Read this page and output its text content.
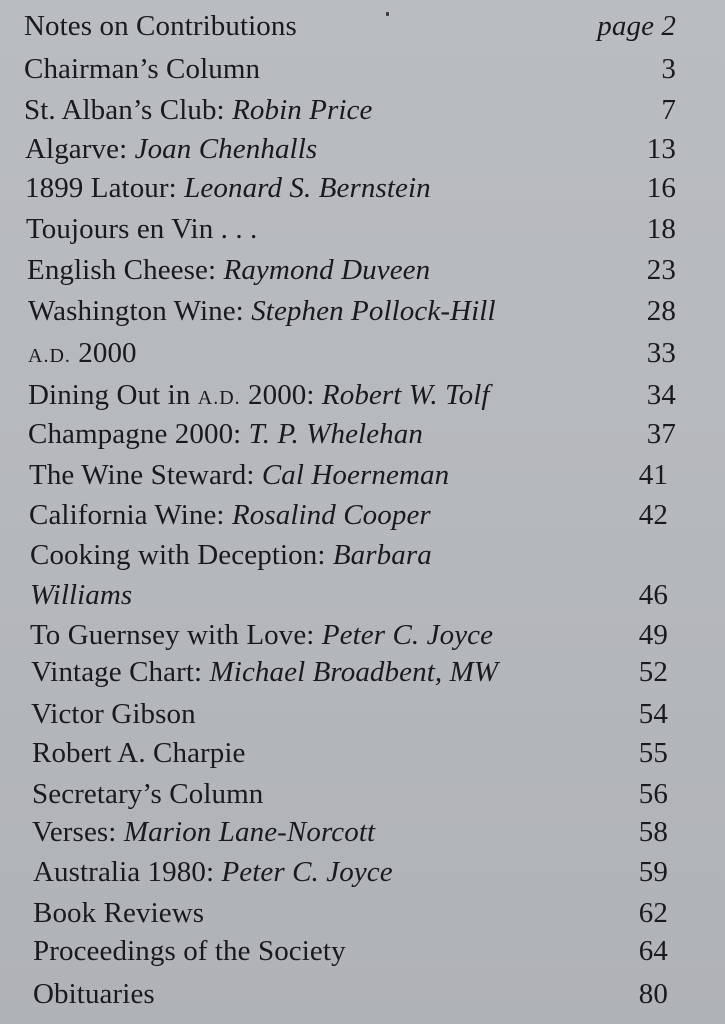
Notes on Contributions	page 2
Chairman’s Column	3
St. Alban’s Club: Robin Price	7
Algarve: Joan Chenhalls	13
1899 Latour: Leonard S. Bernstein	16
Toujours en Vin . . .	18
English Cheese: Raymond Duveen	23
Washington Wine: Stephen Pollock-Hill	28
A.D. 2000	33
Dining Out in A.D. 2000: Robert W. Tolf	34
Champagne 2000: T. P. Whelehan	37
The Wine Steward: Cal Hoerneman	41
California Wine: Rosalind Cooper	42
Cooking with Deception: Barbara
Williams	46
To Guernsey with Love: Peter C. Joyce	49
Vintage Chart: Michael Broadbent, MW	52
Victor Gibson	54
Robert A. Charpie	55
Secretary’s Column	56
Verses: Marion Lane-Norcott	58
Australia 1980: Peter C. Joyce	59
Book Reviews	62
Proceedings of the Society	64
Obituaries	80
